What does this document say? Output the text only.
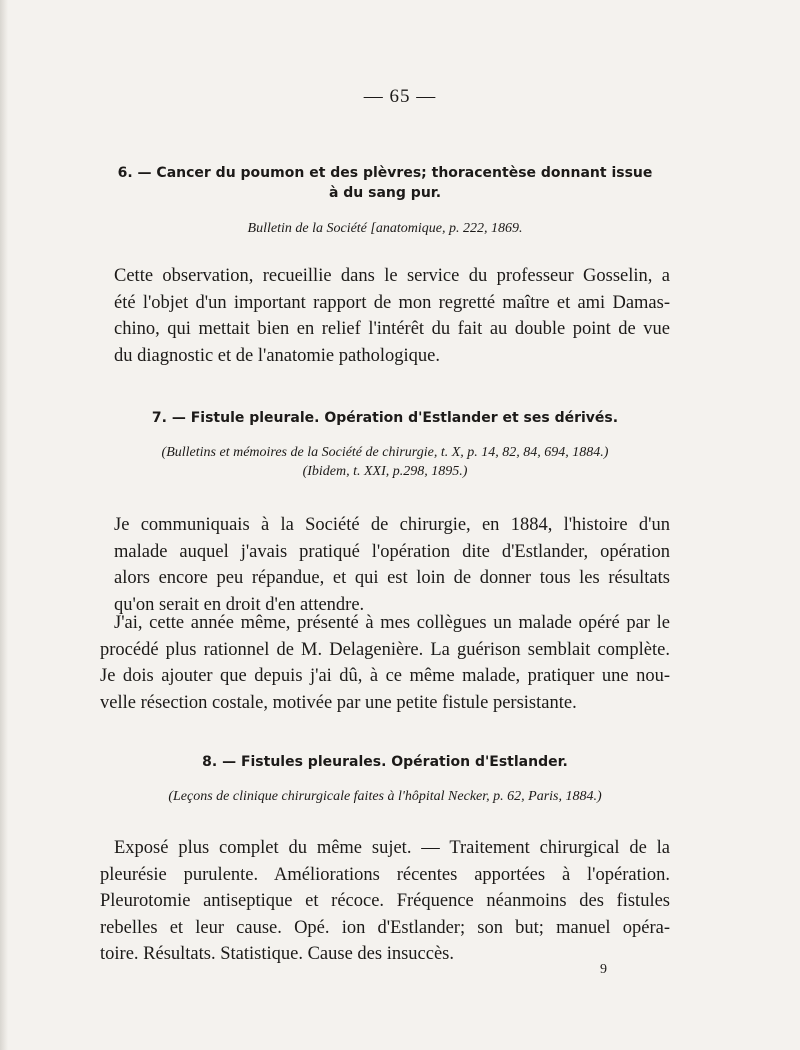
— 65 —
6. — Cancer du poumon et des plèvres; thoracentèse donnant issue
à du sang pur.
Bulletin de la Société [anatomique, p. 222, 1869.
Cette observation, recueillie dans le service du professeur Gosselin, a
été l'objet d'un important rapport de mon regretté maître et ami Damas-
chino, qui mettait bien en relief l'intérêt du fait au double point de vue
du diagnostic et de l'anatomie pathologique.
7. — Fistule pleurale. Opération d'Estlander et ses dérivés.
(Bulletins et mémoires de la Société de chirurgie, t. X, p. 14, 82, 84, 694, 1884.)
(Ibidem, t. XXI, p.298, 1895.)
Je communiquais à la Société de chirurgie, en 1884, l'histoire d'un
malade auquel j'avais pratiqué l'opération dite d'Estlander, opération
alors encore peu répandue, et qui est loin de donner tous les résultats
qu'on serait en droit d'en attendre.
J'ai, cette année même, présenté à mes collègues un malade opéré par le
procédé plus rationnel de M. Delagenière. La guérison semblait complète.
Je dois ajouter que depuis j'ai dû, à ce même malade, pratiquer une nou-
velle résection costale, motivée par une petite fistule persistante.
8. — Fistules pleurales. Opération d'Estlander.
(Leçons de clinique chirurgicale faites à l'hôpital Necker, p. 62, Paris, 1884.)
Exposé plus complet du même sujet. — Traitement chirurgical de la
pleurésie purulente. Améliorations récentes apportées à l'opération.
Pleurotomie antiseptique et récoce. Fréquence néanmoins des fistules
rebelles et leur cause. Opé. ion d'Estlander; son but; manuel opéra-
toire. Résultats. Statistique. Cause des insuccès.
9
